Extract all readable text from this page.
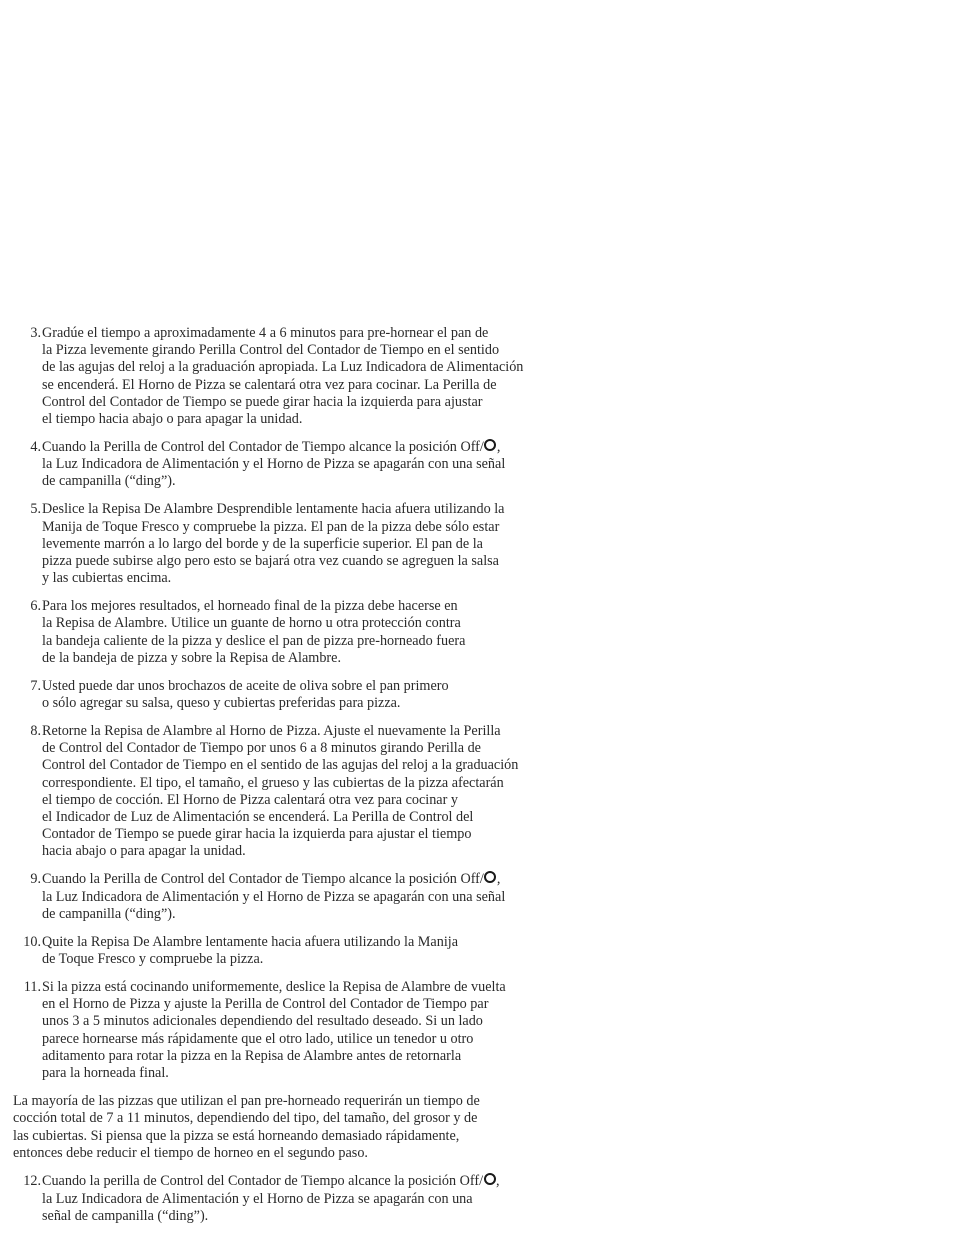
3. Gradúe el tiempo a aproximadamente 4 a 6 minutos para pre-hornear el pan de
la Pizza levemente girando Perilla Control del Contador de Tiempo en el sentido
de las agujas del reloj a la graduación apropiada. La Luz Indicadora de Alimentación
se encenderá. El Horno de Pizza se calentará otra vez para cocinar. La Perilla de
Control del Contador de Tiempo se puede girar hacia la izquierda para ajustar
el tiempo hacia abajo o para apagar la unidad.
4. Cuando la Perilla de Control del Contador de Tiempo alcance la posición Off/ ,
la Luz Indicadora de Alimentación y el Horno de Pizza se apagarán con una señal
de campanilla (“ding”).
5. Deslice la Repisa De Alambre Desprendible lentamente hacia afuera utilizando la
Manija de Toque Fresco y compruebe la pizza. El pan de la pizza debe sólo estar
levemente marrón a lo largo del borde y de la superficie superior. El pan de la
pizza puede subirse algo pero esto se bajará otra vez cuando se agreguen la salsa
y las cubiertas encima.
6. Para los mejores resultados, el horneado final de la pizza debe hacerse en
la Repisa de Alambre. Utilice un guante de horno u otra protección contra
la bandeja caliente de la pizza y deslice el pan de pizza pre-horneado fuera
de la bandeja de pizza y sobre la Repisa de Alambre.
7. Usted puede dar unos brochazos de aceite de oliva sobre el pan primero
o sólo agregar su salsa, queso y cubiertas preferidas para pizza.
8. Retorne la Repisa de Alambre al Horno de Pizza. Ajuste el nuevamente la Perilla
de Control del Contador de Tiempo por unos 6 a 8 minutos girando Perilla de
Control del Contador de Tiempo en el sentido de las agujas del reloj a la graduación
correspondiente. El tipo, el tamaño, el grueso y las cubiertas de la pizza afectarán
el tiempo de cocción. El Horno de Pizza calentará otra vez para cocinar y
el Indicador de Luz de Alimentación se encenderá. La Perilla de Control del
Contador de Tiempo se puede girar hacia la izquierda para ajustar el tiempo
hacia abajo o para apagar la unidad.
9. Cuando la Perilla de Control del Contador de Tiempo alcance la posición Off/ ,
la Luz Indicadora de Alimentación y el Horno de Pizza se apagarán con una señal
de campanilla (“ding”).
10. Quite la Repisa De Alambre lentamente hacia afuera utilizando la Manija
de Toque Fresco y compruebe la pizza.
11. Si la pizza está cocinando uniformemente, deslice la Repisa de Alambre de vuelta
en el Horno de Pizza y ajuste la Perilla de Control del Contador de Tiempo par
unos 3 a 5 minutos adicionales dependiendo del resultado deseado. Si un lado
parece hornearse más rápidamente que el otro lado, utilice un tenedor u otro
aditamento para rotar la pizza en la Repisa de Alambre antes de retornarla
para la horneada final.
La mayoría de las pizzas que utilizan el pan pre-horneado requerirán un tiempo de
cocción total de 7 a 11 minutos, dependiendo del tipo, del tamaño, del grosor y de
las cubiertas. Si piensa que la pizza se está horneando demasiado rápidamente,
entonces debe reducir el tiempo de horneo en el segundo paso.
12. Cuando la perilla de Control del Contador de Tiempo alcance la posición Off/ ,
la Luz Indicadora de Alimentación y el Horno de Pizza se apagarán con una
señal de campanilla (“ding”).
